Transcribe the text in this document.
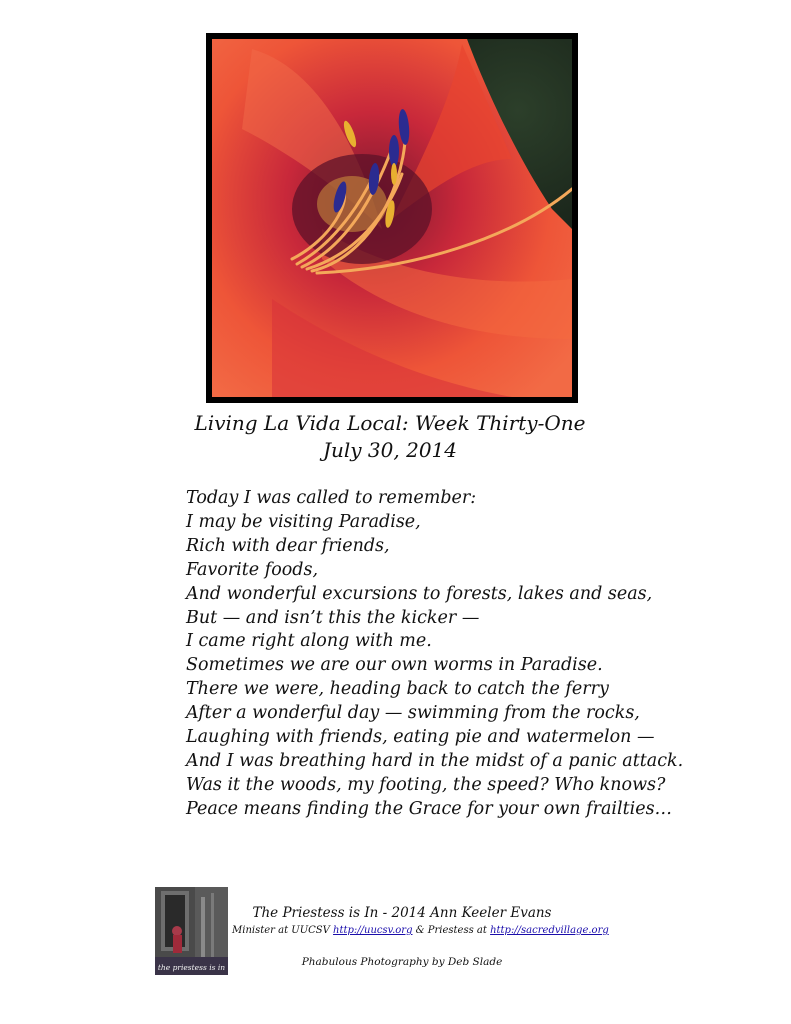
Living La Vida Local: Week Thirty-One
July 30, 2014
Today I was called to remember:
I may be visiting Paradise,
Rich with dear friends,
Favorite foods,
And wonderful excursions to forests, lakes and seas,
But — and isn’t this the kicker —
I came right along with me.
Sometimes we are our own worms in Paradise.
There we were, heading back to catch the ferry
After a wonderful day — swimming from the rocks,
Laughing with friends, eating pie and watermelon —
And I was breathing hard in the midst of a panic attack.
Was it the woods, my footing, the speed? Who knows?
Peace means finding the Grace for your own frailties…
the priestess is in
The Priestess is In - 2014 Ann Keeler Evans
Minister at UUCSV http://uucsv.org & Priestess at http://sacredvillage.org
Phabulous Photography by Deb Slade
